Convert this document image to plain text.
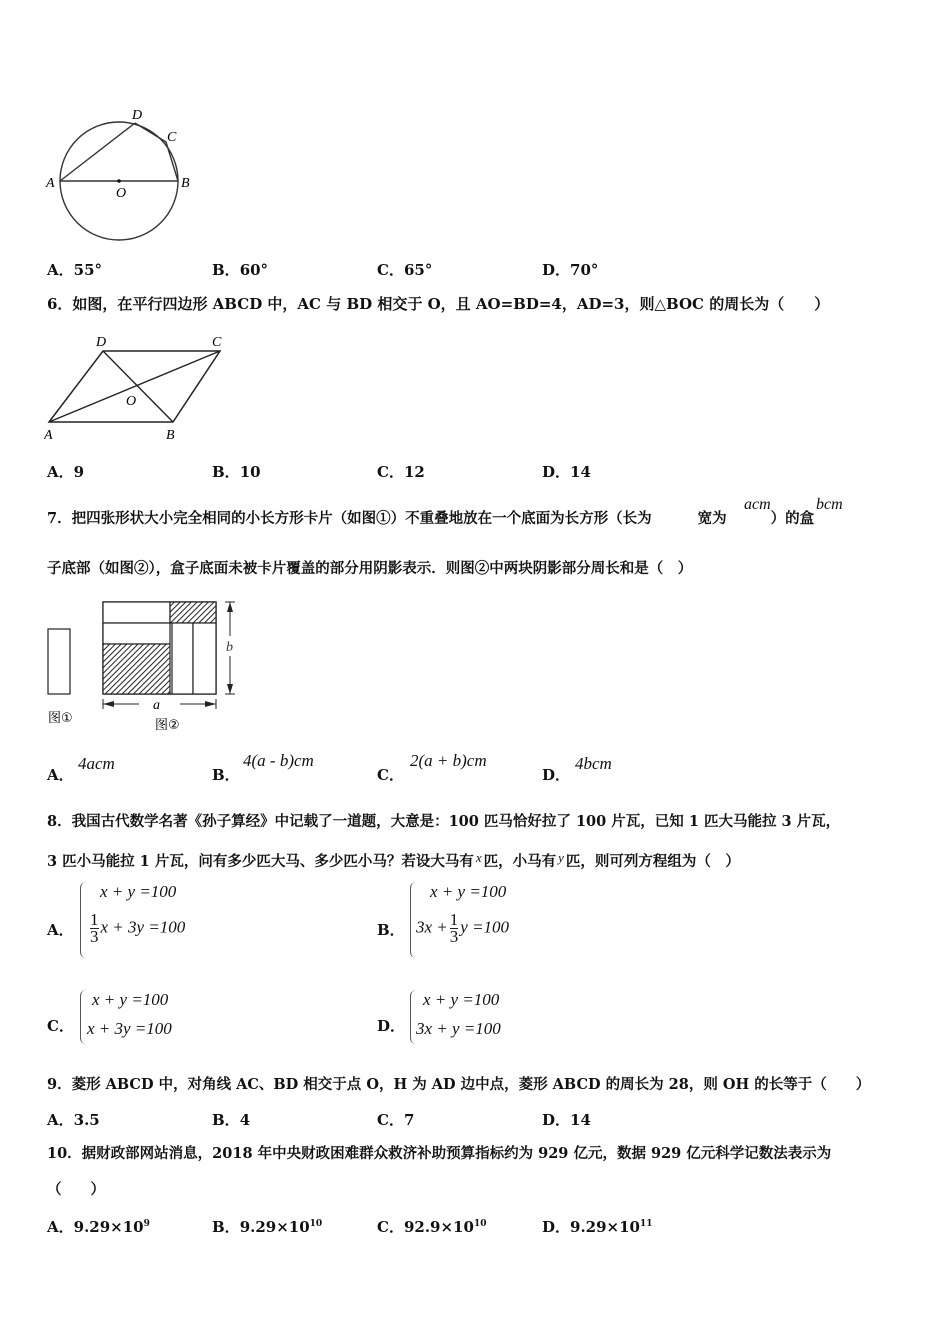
A	B
D
C
O
A．55°	B．60°	C．65°	D．70°
6．如图，在平行四边形 ABCD 中，AC 与 BD 相交于 O，且 AO=BD=4，AD=3，则△BOC 的周长为（　　）
A	B
C
D
O
A．9	B．10	C．12	D．14
7．把四张形状大小完全相同的小长方形卡片（如图①）不重叠地放在一个底面为长方形（长为	宽为	）的盒
acm	bcm
子底部（如图②），盒子底面未被卡片覆盖的部分用阴影表示．则图②中两块阴影部分周长和是（　）
b
a
图①	图②
A．
4acm
B．
4(a - b)cm
C．
2(a + b)cm
D．
4bcm
8．我国古代数学名著《孙子算经》中记载了一道题，大意是：100 匹马恰好拉了 100 片瓦，已知 1 匹大马能拉 3 片瓦，
3 匹小马能拉 1 片瓦，问有多少匹大马、多少匹小马？若设大马有 x 匹，小马有 y 匹，则可列方程组为（　）
A．
x + y =100
$\frac{1}{3}$ x + 3y =100	B．
x + y =100
$3x + \frac{1}{3}$ y =100
C．
x + y =100
x + 3y =100	D．
x + y =100
3x + y =100
9．菱形 ABCD 中，对角线 AC、BD 相交于点 O，H 为 AD 边中点，菱形 ABCD 的周长为 28，则 OH 的长等于（　　）
A．3.5	B．4	C．7	D．14
10．据财政部网站消息，2018 年中央财政困难群众救济补助预算指标约为 929 亿元，数据 929 亿元科学记数法表示为
（　　）
A．$9.29\times 10^9$	B．$9.29\times 10^{10}$	C．$92.9\times 10^{10}$	D．$9.29\times 10^{11}$
